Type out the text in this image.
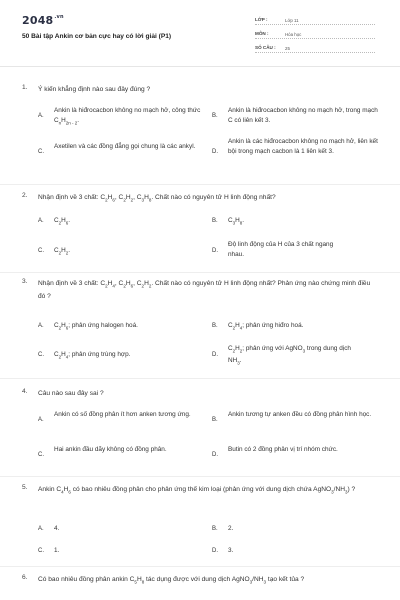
$2048^{.vn}$
50 Bài tập Ankin cơ bản cực hay có lời giải (P1)
LỚP :	Lớp 11
MÔN :	Hóa học
SỐ CÂU :	25
1. Ý kiến khẳng định nào sau đây đúng ?
A.
Ankin là hiđrocacbon không no mạch hở, công thức $C_nH_{2n - 2}$.
B.
Ankin là hiđrocacbon không no mạch hở, trong mạch C có liên kết 3.
C.
Axetilen và các đồng đẳng gọi chung là các ankyl.
D.
Ankin là các hiđrocacbon không no mạch hở, liên kết bội trong mạch cacbon là 1 liên kết 3.
2. Nhận định về 3 chất: $C_2H_6$, $C_2H_2$, $C_3H_8$. Chất nào có nguyên tử H linh động nhất?
A. $C_2H_6$.	B. $C_3H_8$.
C. $C_2H_2$.	D.
Độ linh động của H của 3 chất ngang nhau.
3. Nhận định về 3 chất: $C_2H_4$, $C_2H_6$, $C_2H_2$. Chất nào có nguyên tử H linh động nhất? Phản ứng nào chứng minh điều đó ?
A. $C_2H_6$; phản ứng halogen hoá.	B. $C_2H_4$; phản ứng hiđro hoá.
C. $C_2H_4$; phản ứng trùng hợp.	D.
$C_2H_2$; phản ứng với AgNO$_3$ trong dung dịch $NH_3$.
4. Câu nào sau đây sai ?
A.
Ankin có số đồng phân ít hơn anken tương ứng.
B.
Ankin tương tự anken đều có đồng phân hình học.
C.
Hai ankin đầu dãy không có đồng phân.
D.
Butin có 2 đồng phân vị trí nhóm chức.
5. Ankin $C_4H_6$ có bao nhiêu đồng phân cho phản ứng thế kim loại (phản ứng với dung dịch chứa $AgNO_3/NH_3$) ?
A. 4.	B. 2.
C. 1.	D. 3.
6. Có bao nhiêu đồng phân ankin $C_5H_8$ tác dụng được với dung dịch $AgNO_3/NH_3$ tạo kết tủa ?
